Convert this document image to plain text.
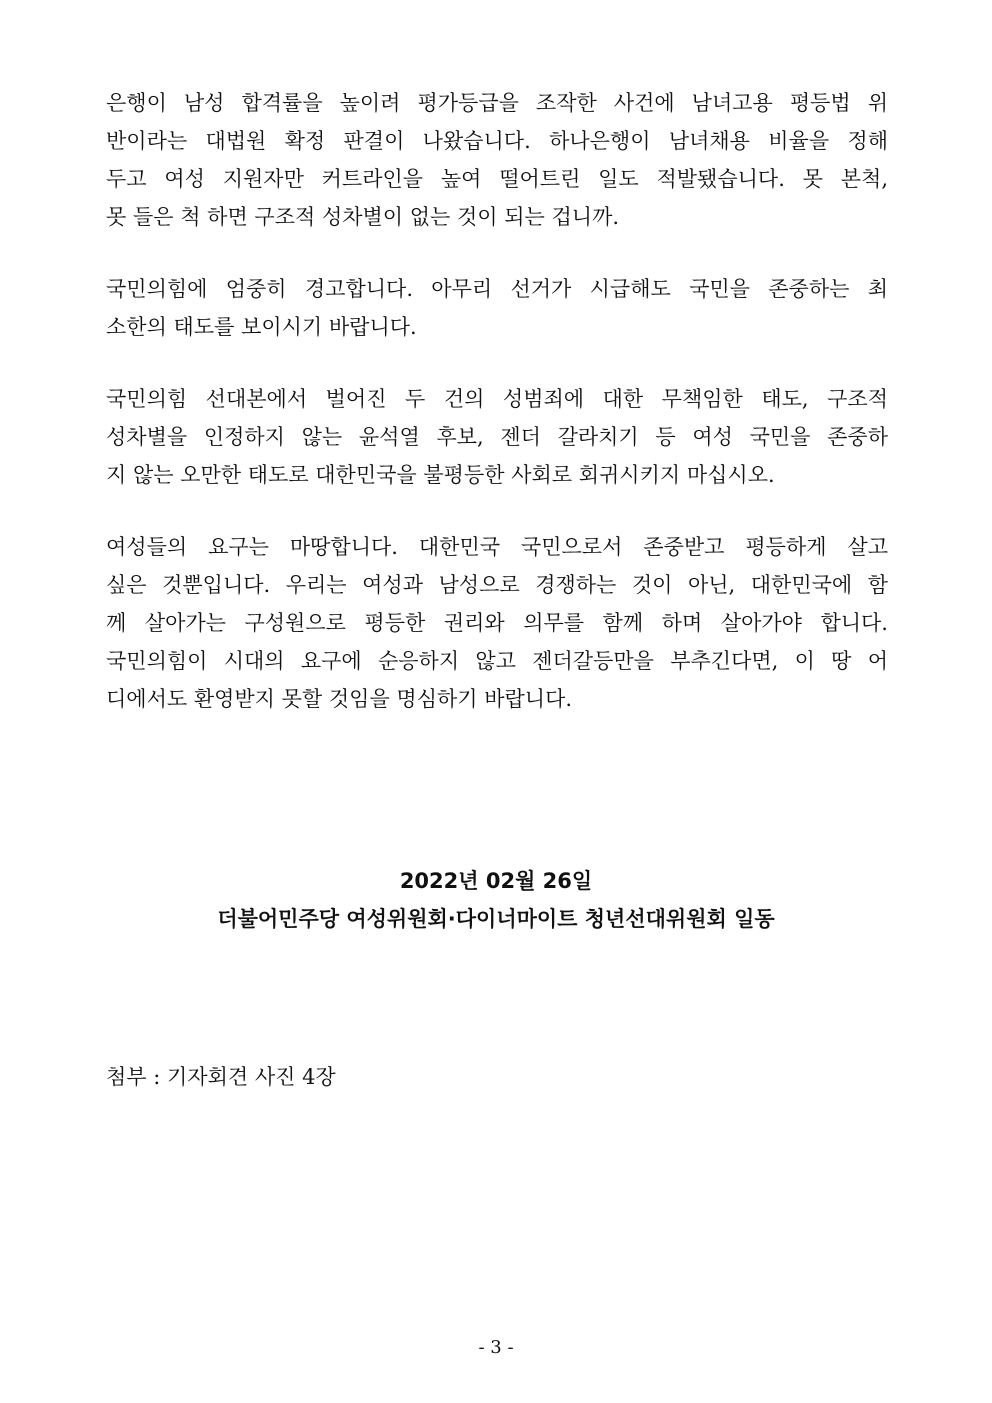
은행이 남성 합격률을 높이려 평가등급을 조작한 사건에 남녀고용 평등법 위
반이라는 대법원 확정 판결이 나왔습니다. 하나은행이 남녀채용 비율을 정해
두고 여성 지원자만 커트라인을 높여 떨어트린 일도 적발됐습니다. 못 본척,
못 들은 척 하면 구조적 성차별이 없는 것이 되는 겁니까.
국민의힘에 엄중히 경고합니다. 아무리 선거가 시급해도 국민을 존중하는 최
소한의 태도를 보이시기 바랍니다.
국민의힘 선대본에서 벌어진 두 건의 성범죄에 대한 무책임한 태도, 구조적
성차별을 인정하지 않는 윤석열 후보, 젠더 갈라치기 등 여성 국민을 존중하
지 않는 오만한 태도로 대한민국을 불평등한 사회로 회귀시키지 마십시오.
여성들의 요구는 마땅합니다. 대한민국 국민으로서 존중받고 평등하게 살고
싶은 것뿐입니다. 우리는 여성과 남성으로 경쟁하는 것이 아닌, 대한민국에 함
께 살아가는 구성원으로 평등한 권리와 의무를 함께 하며 살아가야 합니다.
국민의힘이 시대의 요구에 순응하지 않고 젠더갈등만을 부추긴다면, 이 땅 어
디에서도 환영받지 못할 것임을 명심하기 바랍니다.
2022년 02월 26일
더불어민주당 여성위원회·다이너마이트 청년선대위원회 일동
첨부 : 기자회견 사진 4장
- 3 -
